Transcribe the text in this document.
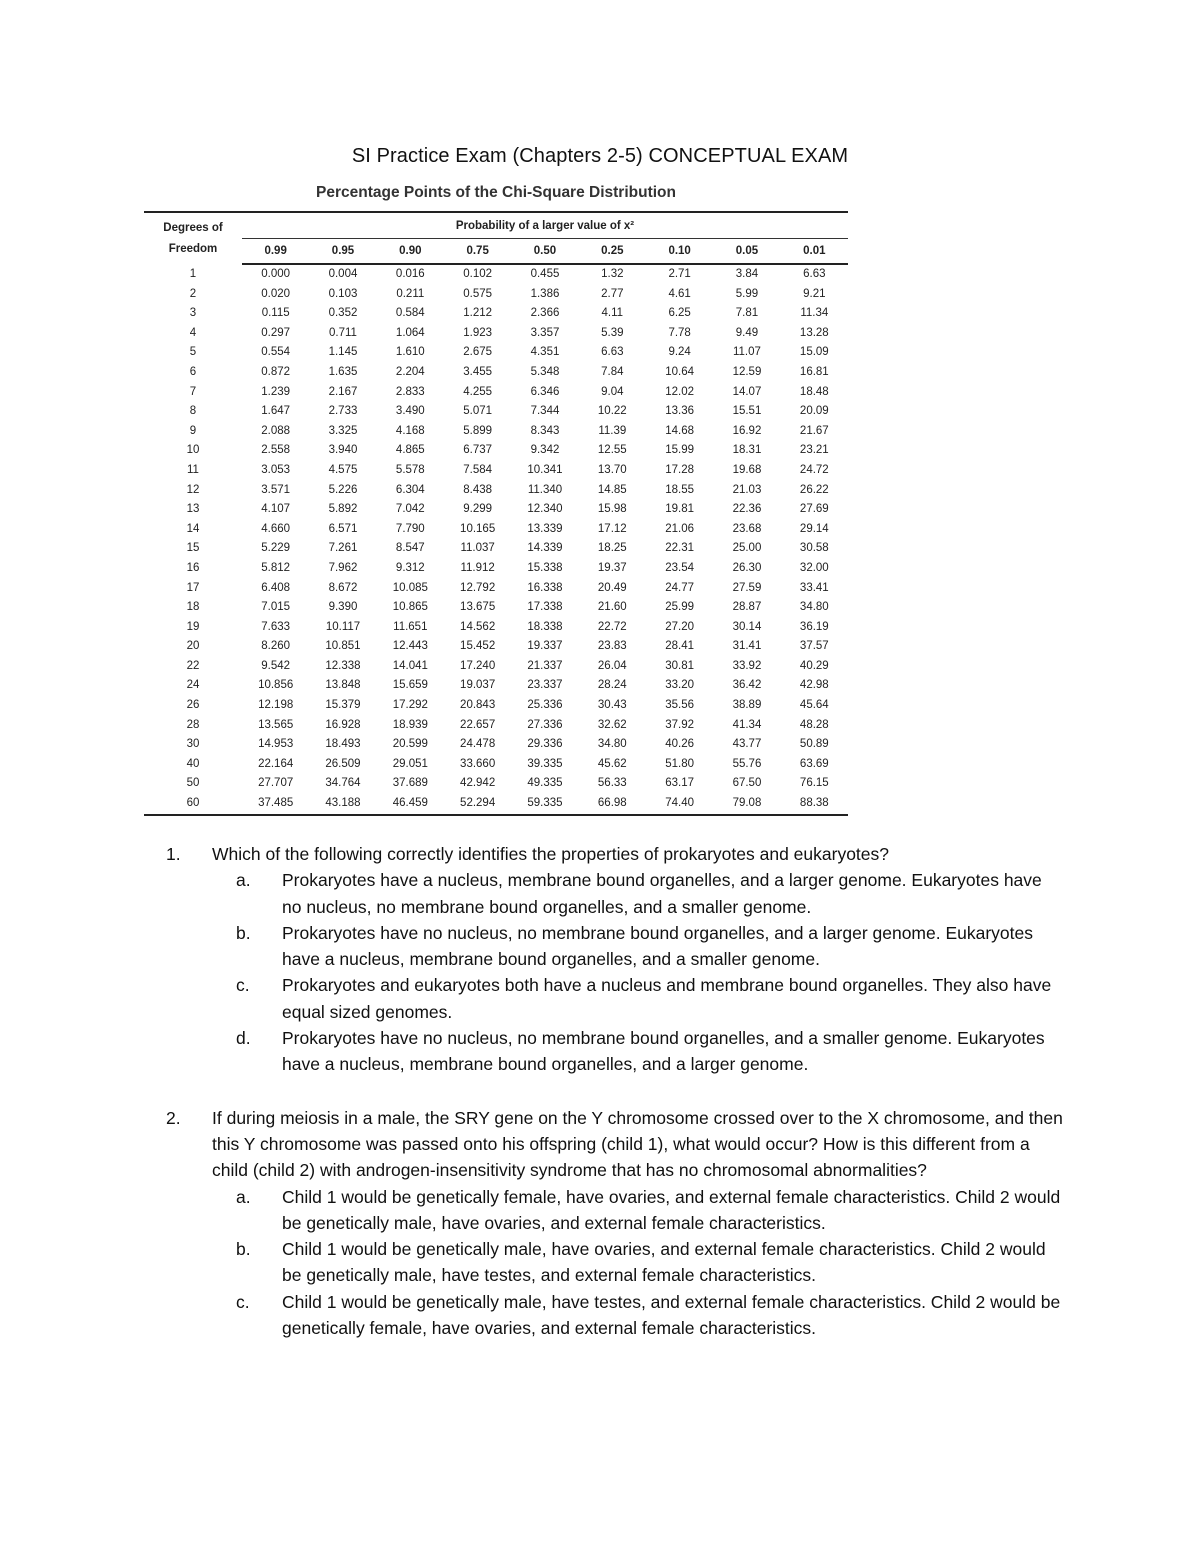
SI Practice Exam (Chapters 2-5) CONCEPTUAL EXAM
Percentage Points of the Chi-Square Distribution
Degrees of
Freedom	Probability of a larger value of x²								
	0.99	0.95	0.90	0.75	0.50	0.25	0.10	0.05	0.01
1	0.000	0.004	0.016	0.102	0.455	1.32	2.71	3.84	6.63
2	0.020	0.103	0.211	0.575	1.386	2.77	4.61	5.99	9.21
3	0.115	0.352	0.584	1.212	2.366	4.11	6.25	7.81	11.34
4	0.297	0.711	1.064	1.923	3.357	5.39	7.78	9.49	13.28
5	0.554	1.145	1.610	2.675	4.351	6.63	9.24	11.07	15.09
6	0.872	1.635	2.204	3.455	5.348	7.84	10.64	12.59	16.81
7	1.239	2.167	2.833	4.255	6.346	9.04	12.02	14.07	18.48
8	1.647	2.733	3.490	5.071	7.344	10.22	13.36	15.51	20.09
9	2.088	3.325	4.168	5.899	8.343	11.39	14.68	16.92	21.67
10	2.558	3.940	4.865	6.737	9.342	12.55	15.99	18.31	23.21
11	3.053	4.575	5.578	7.584	10.341	13.70	17.28	19.68	24.72
12	3.571	5.226	6.304	8.438	11.340	14.85	18.55	21.03	26.22
13	4.107	5.892	7.042	9.299	12.340	15.98	19.81	22.36	27.69
14	4.660	6.571	7.790	10.165	13.339	17.12	21.06	23.68	29.14
15	5.229	7.261	8.547	11.037	14.339	18.25	22.31	25.00	30.58
16	5.812	7.962	9.312	11.912	15.338	19.37	23.54	26.30	32.00
17	6.408	8.672	10.085	12.792	16.338	20.49	24.77	27.59	33.41
18	7.015	9.390	10.865	13.675	17.338	21.60	25.99	28.87	34.80
19	7.633	10.117	11.651	14.562	18.338	22.72	27.20	30.14	36.19
20	8.260	10.851	12.443	15.452	19.337	23.83	28.41	31.41	37.57
22	9.542	12.338	14.041	17.240	21.337	26.04	30.81	33.92	40.29
24	10.856	13.848	15.659	19.037	23.337	28.24	33.20	36.42	42.98
26	12.198	15.379	17.292	20.843	25.336	30.43	35.56	38.89	45.64
28	13.565	16.928	18.939	22.657	27.336	32.62	37.92	41.34	48.28
30	14.953	18.493	20.599	24.478	29.336	34.80	40.26	43.77	50.89
40	22.164	26.509	29.051	33.660	39.335	45.62	51.80	55.76	63.69
50	27.707	34.764	37.689	42.942	49.335	56.33	63.17	67.50	76.15
60	37.485	43.188	46.459	52.294	59.335	66.98	74.40	79.08	88.38
1.	Which of the following correctly identifies the properties of prokaryotes and eukaryotes?
a.	Prokaryotes have a nucleus, membrane bound organelles, and a larger genome. Eukaryotes have no nucleus, no membrane bound organelles, and a smaller genome.
b.	Prokaryotes have no nucleus, no membrane bound organelles, and a larger genome. Eukaryotes have a nucleus, membrane bound organelles, and a smaller genome.
c.	Prokaryotes and eukaryotes both have a nucleus and membrane bound organelles. They also have equal sized genomes.
d.	Prokaryotes have no nucleus, no membrane bound organelles, and a smaller genome. Eukaryotes have a nucleus, membrane bound organelles, and a larger genome.
2.	If during meiosis in a male, the SRY gene on the Y chromosome crossed over to the X chromosome, and then this Y chromosome was passed onto his offspring (child 1), what would occur? How is this different from a child (child 2) with androgen-insensitivity syndrome that has no chromosomal abnormalities?
a.	Child 1 would be genetically female, have ovaries, and external female characteristics. Child 2 would be genetically male, have ovaries, and external female characteristics.
b.	Child 1 would be genetically male, have ovaries, and external female characteristics. Child 2 would be genetically male, have testes, and external female characteristics.
c.	Child 1 would be genetically male, have testes, and external female characteristics. Child 2 would be genetically female, have ovaries, and external female characteristics.
